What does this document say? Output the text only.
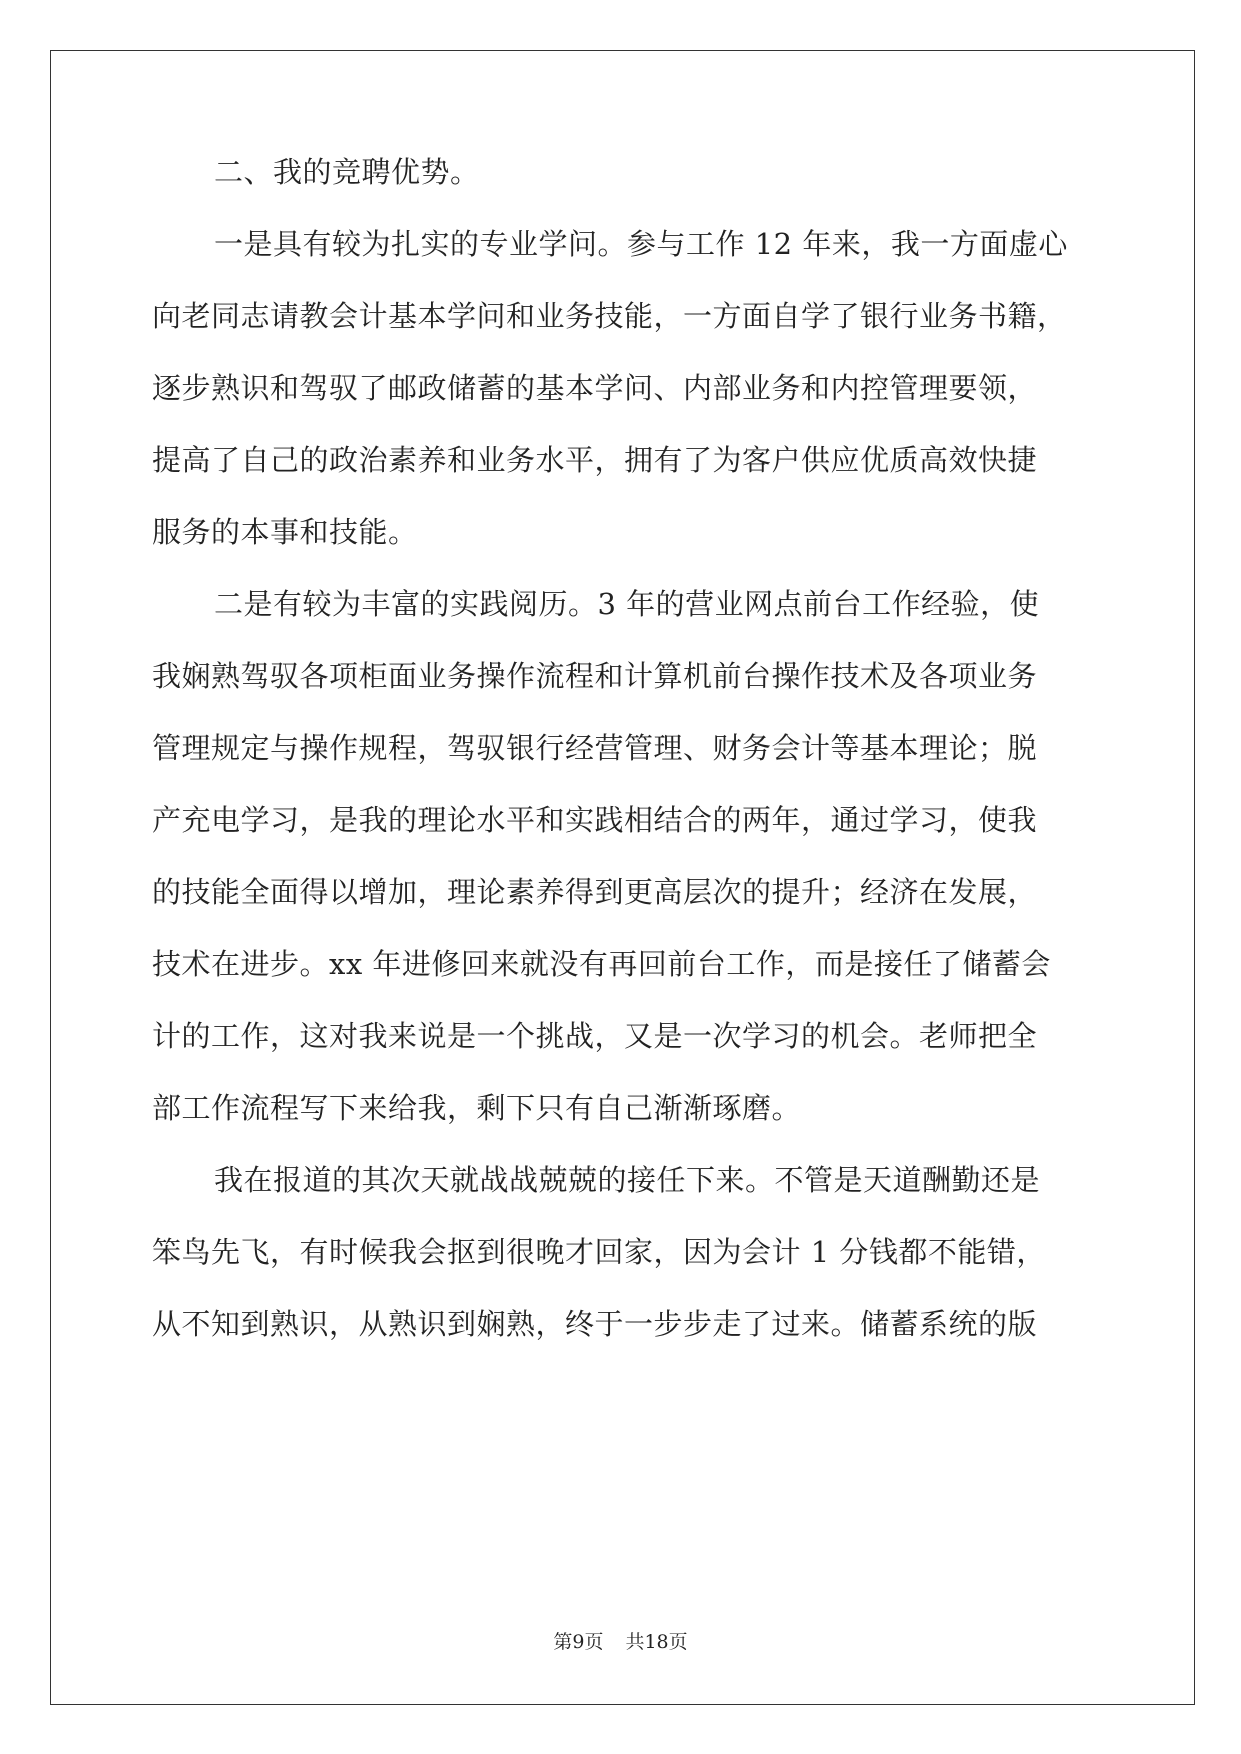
二、我的竞聘优势。
一是具有较为扎实的专业学问。参与工作 12 年来，我一方面虚心
向老同志请教会计基本学问和业务技能，一方面自学了银行业务书籍，
逐步熟识和驾驭了邮政储蓄的基本学问、内部业务和内控管理要领，
提高了自己的政治素养和业务水平，拥有了为客户供应优质高效快捷
服务的本事和技能。
二是有较为丰富的实践阅历。3 年的营业网点前台工作经验，使
我娴熟驾驭各项柜面业务操作流程和计算机前台操作技术及各项业务
管理规定与操作规程，驾驭银行经营管理、财务会计等基本理论；脱
产充电学习，是我的理论水平和实践相结合的两年，通过学习，使我
的技能全面得以增加，理论素养得到更高层次的提升；经济在发展，
技术在进步。xx 年进修回来就没有再回前台工作，而是接任了储蓄会
计的工作，这对我来说是一个挑战，又是一次学习的机会。老师把全
部工作流程写下来给我，剩下只有自己渐渐琢磨。
我在报道的其次天就战战兢兢的接任下来。不管是天道酬勤还是
笨鸟先飞，有时候我会抠到很晚才回家，因为会计 1 分钱都不能错，
从不知到熟识，从熟识到娴熟，终于一步步走了过来。储蓄系统的版
第9页 共18页
